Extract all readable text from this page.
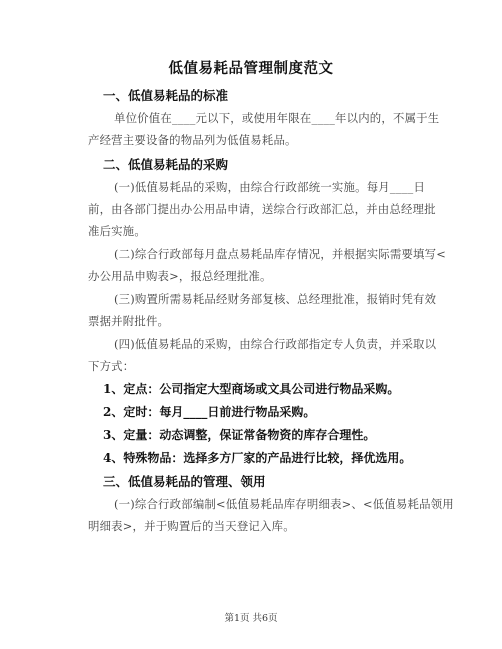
低值易耗品管理制度范文
一、低值易耗品的标准
单位价值在____元以下，或使用年限在____年以内的，不属于生
产经营主要设备的物品列为低值易耗品。
二、低值易耗品的采购
(一)低值易耗品的采购，由综合行政部统一实施。每月____日
前，由各部门提出办公用品申请，送综合行政部汇总，并由总经理批
准后实施。
(二)综合行政部每月盘点易耗品库存情况，并根据实际需要填写<
办公用品申购表>，报总经理批准。
(三)购置所需易耗品经财务部复核、总经理批准，报销时凭有效
票据并附批件。
(四)低值易耗品的采购，由综合行政部指定专人负责，并采取以
下方式：
1、定点：公司指定大型商场或文具公司进行物品采购。
2、定时：每月____日前进行物品采购。
3、定量：动态调整，保证常备物资的库存合理性。
4、特殊物品：选择多方厂家的产品进行比较，择优选用。
三、低值易耗品的管理、领用
(一)综合行政部编制<低值易耗品库存明细表>、<低值易耗品领用
明细表>，并于购置后的当天登记入库。
第1页 共6页
